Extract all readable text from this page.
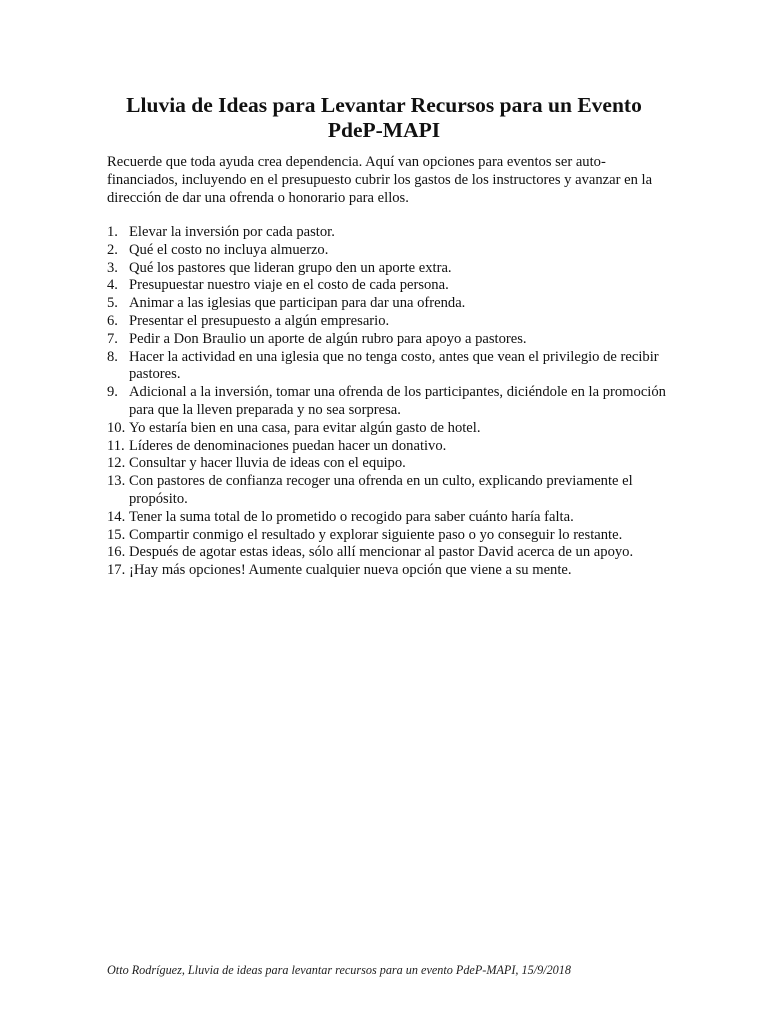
Lluvia de Ideas para Levantar Recursos para un Evento
PdeP-MAPI

Recuerde que toda ayuda crea dependencia. Aquí van opciones para eventos ser auto-financiados, incluyendo en el presupuesto cubrir los gastos de los instructores y avanzar en la dirección de dar una ofrenda o honorario para ellos.

1. Elevar la inversión por cada pastor.
2. Qué el costo no incluya almuerzo.
3. Qué los pastores que lideran grupo den un aporte extra.
4. Presupuestar nuestro viaje en el costo de cada persona.
5. Animar a las iglesias que participan para dar una ofrenda.
6. Presentar el presupuesto a algún empresario.
7. Pedir a Don Braulio un aporte de algún rubro para apoyo a pastores.
8. Hacer la actividad en una iglesia que no tenga costo, antes que vean el privilegio de recibir pastores.
9. Adicional a la inversión, tomar una ofrenda de los participantes, diciéndole en la promoción para que la lleven preparada y no sea sorpresa.
10. Yo estaría bien en una casa, para evitar algún gasto de hotel.
11. Líderes de denominaciones puedan hacer un donativo.
12. Consultar y hacer lluvia de ideas con el equipo.
13. Con pastores de confianza recoger una ofrenda en un culto, explicando previamente el propósito.
14. Tener la suma total de lo prometido o recogido para saber cuánto haría falta.
15. Compartir conmigo el resultado y explorar siguiente paso o yo conseguir lo restante.
16. Después de agotar estas ideas, sólo allí mencionar al pastor David acerca de un apoyo.
17. ¡Hay más opciones! Aumente cualquier nueva opción que viene a su mente.

Otto Rodríguez, Lluvia de ideas para levantar recursos para un evento PdeP-MAPI, 15/9/2018
